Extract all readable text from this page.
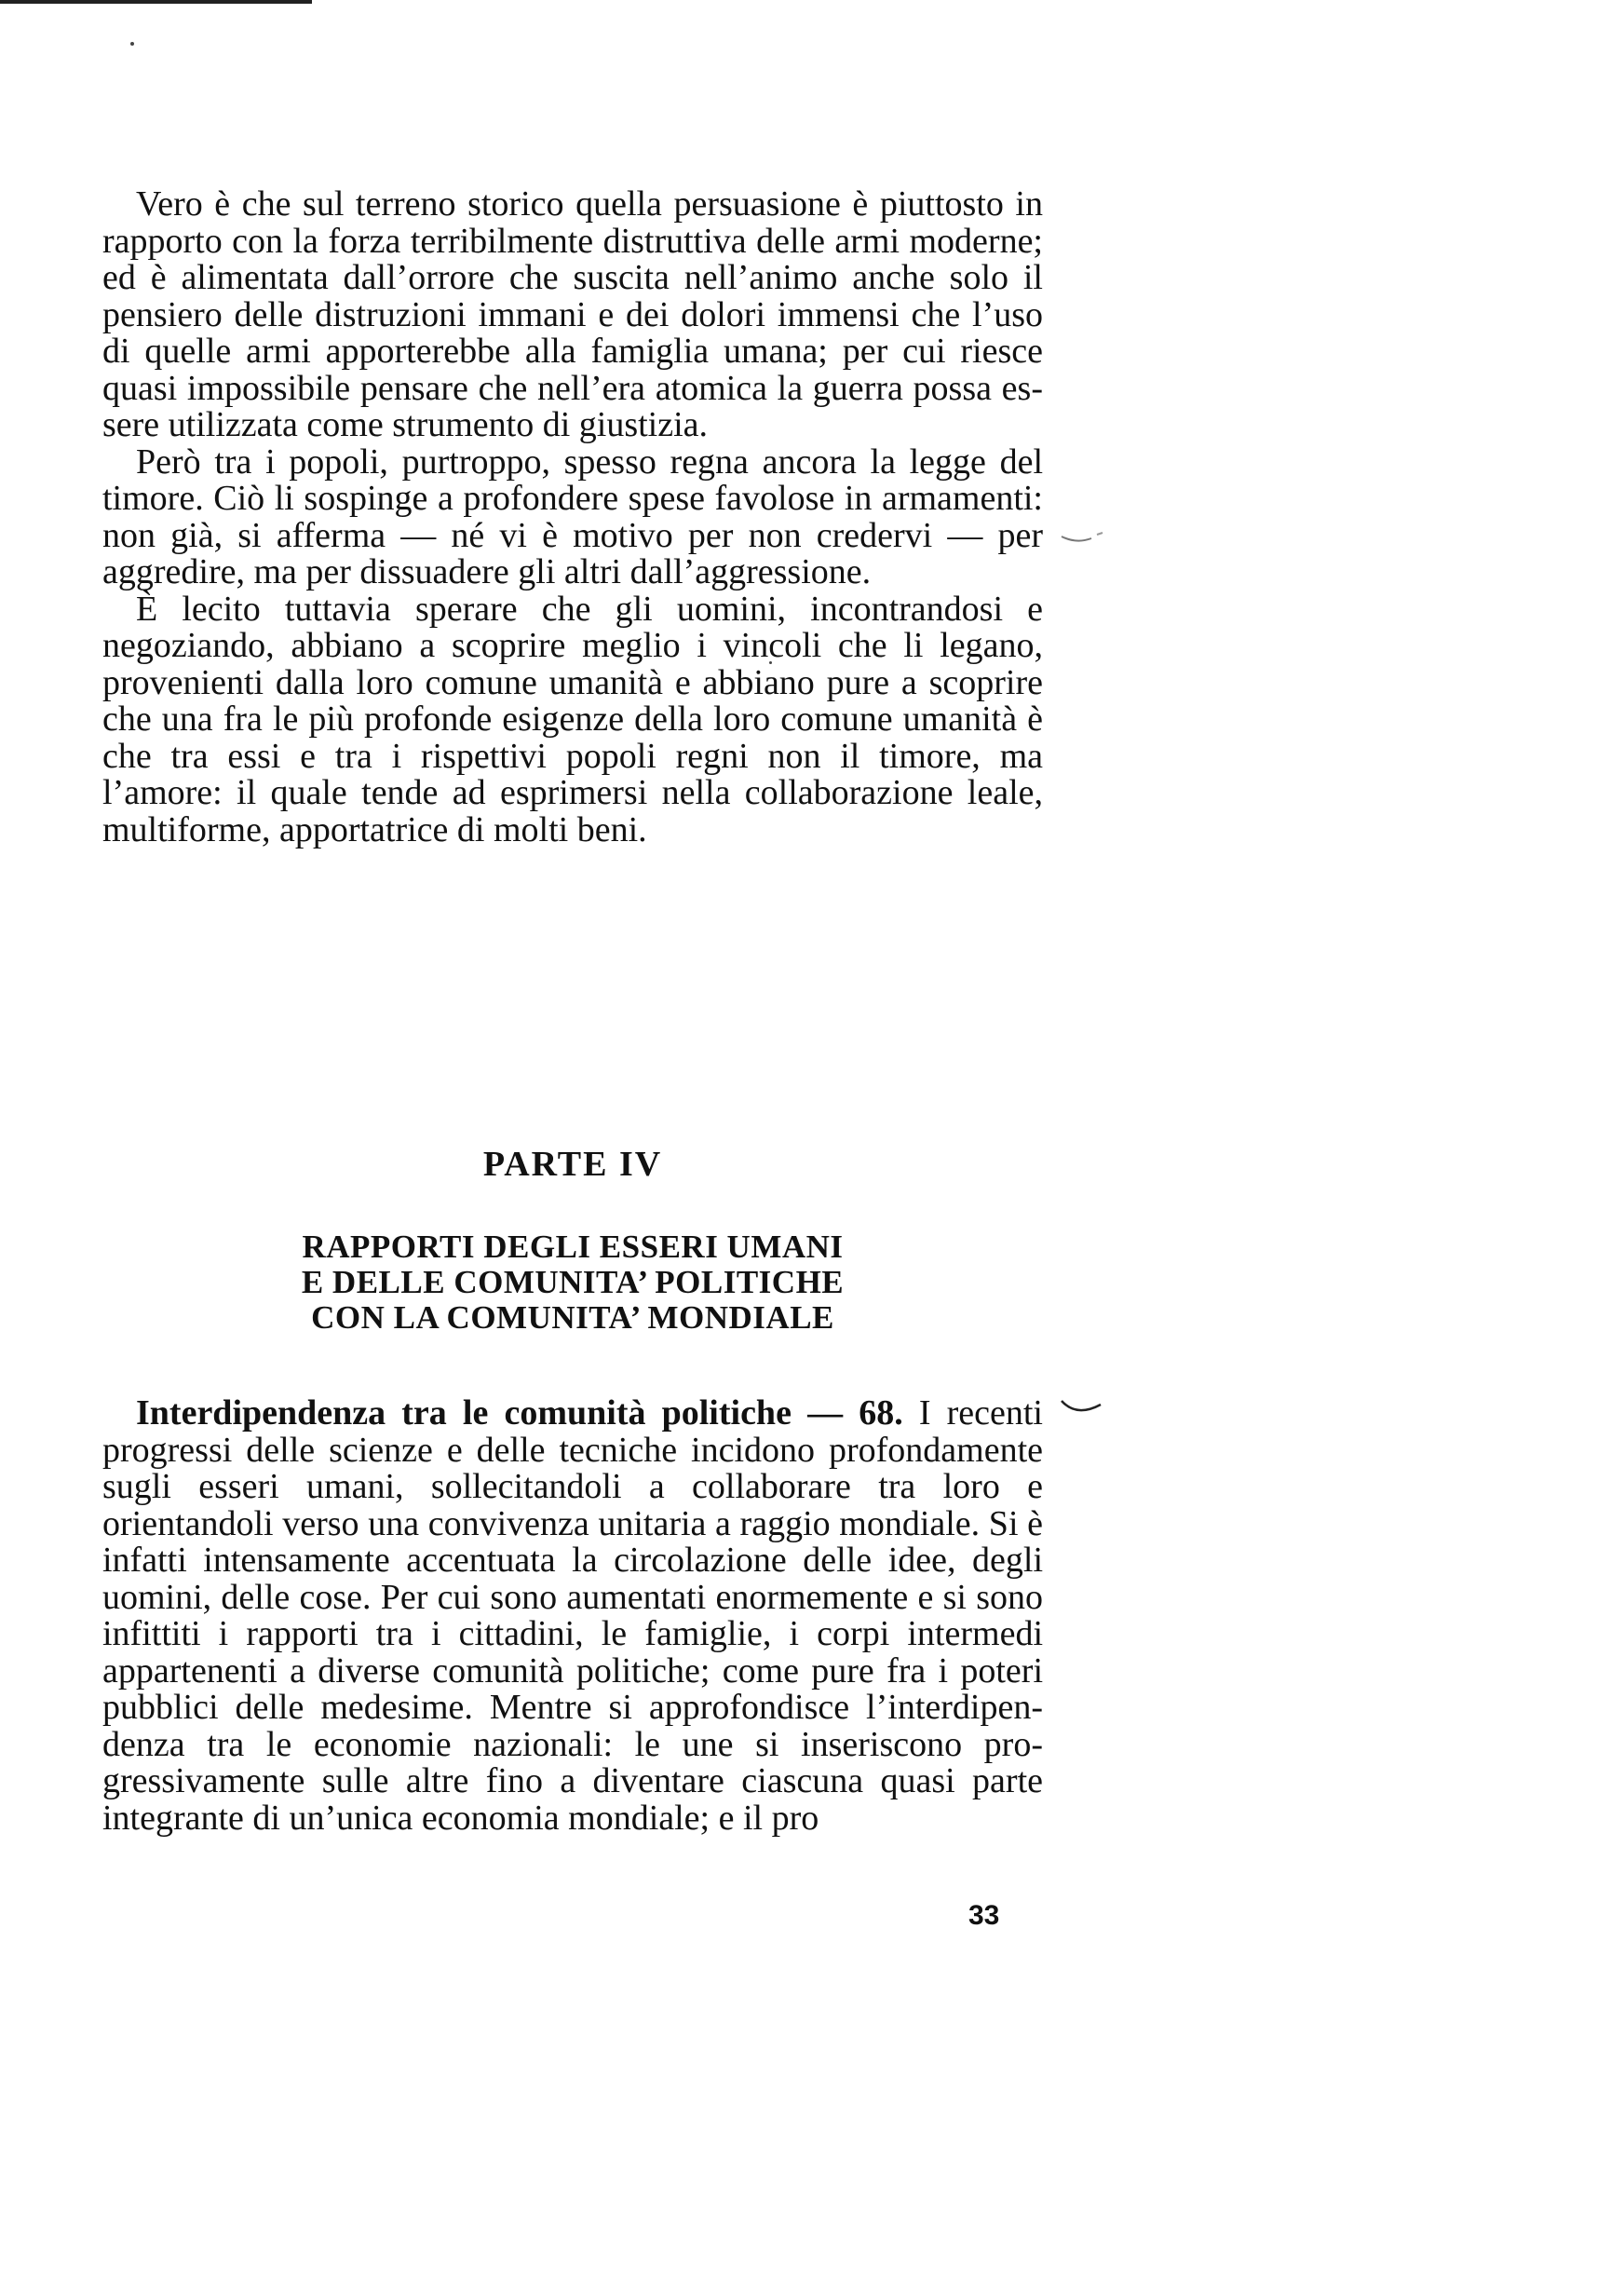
Vero è che sul terreno storico quella persuasione è piuttosto in rapporto con la forza terribilmente distruttiva delle armi moderne; ed è alimentata dall’orrore che suscita nell’animo anche solo il pensiero delle distruzioni immani e dei dolori immensi che l’uso di quelle armi apporterebbe alla famiglia umana; per cui riesce quasi impossibile pensare che nell’era atomica la guerra possa essere utilizzata come strumento di giustizia.

Però tra i popoli, purtroppo, spesso regna ancora la legge del timore. Ciò li sospinge a profondere spese favolose in armamenti: non già, si afferma — né vi è motivo per non credervi — per aggredire, ma per dissuadere gli altri dall’aggressione.

È lecito tuttavia sperare che gli uomini, incontrandosi e negoziando, abbiano a scoprire meglio i vincoli che li legano, provenienti dalla loro comune umanità e abbiano pure a scoprire che una fra le più profonde esigenze della loro comune umanità è che tra essi e tra i rispettivi popoli regni non il timore, ma l’amore: il quale tende ad esprimersi nella collaborazione leale, multiforme, apportatrice di molti beni.

PARTE IV
RAPPORTI DEGLI ESSERI UMANI
E DELLE COMUNITA’ POLITICHE
CON LA COMUNITA’ MONDIALE

Interdipendenza tra le comunità politiche — 68. I recenti progressi delle scienze e delle tecniche incidono profondamente sugli esseri umani, sollecitandoli a collaborare tra loro e orientandoli verso una convivenza unitaria a raggio mondiale. Si è infatti intensamente accentuata la circolazione delle idee, degli uomini, delle cose. Per cui sono aumentati enormemente e si sono infittiti i rapporti tra i cittadini, le famiglie, i corpi intermedi appartenenti a diverse comunità politiche; come pure fra i poteri pubblici delle medesime. Mentre si approfondisce l’interdipendenza tra le economie nazionali: le une si inseriscono progressivamente sulle altre fino a diventare ciascuna quasi parte integrante di un’unica economia mondiale; e il pro

33
